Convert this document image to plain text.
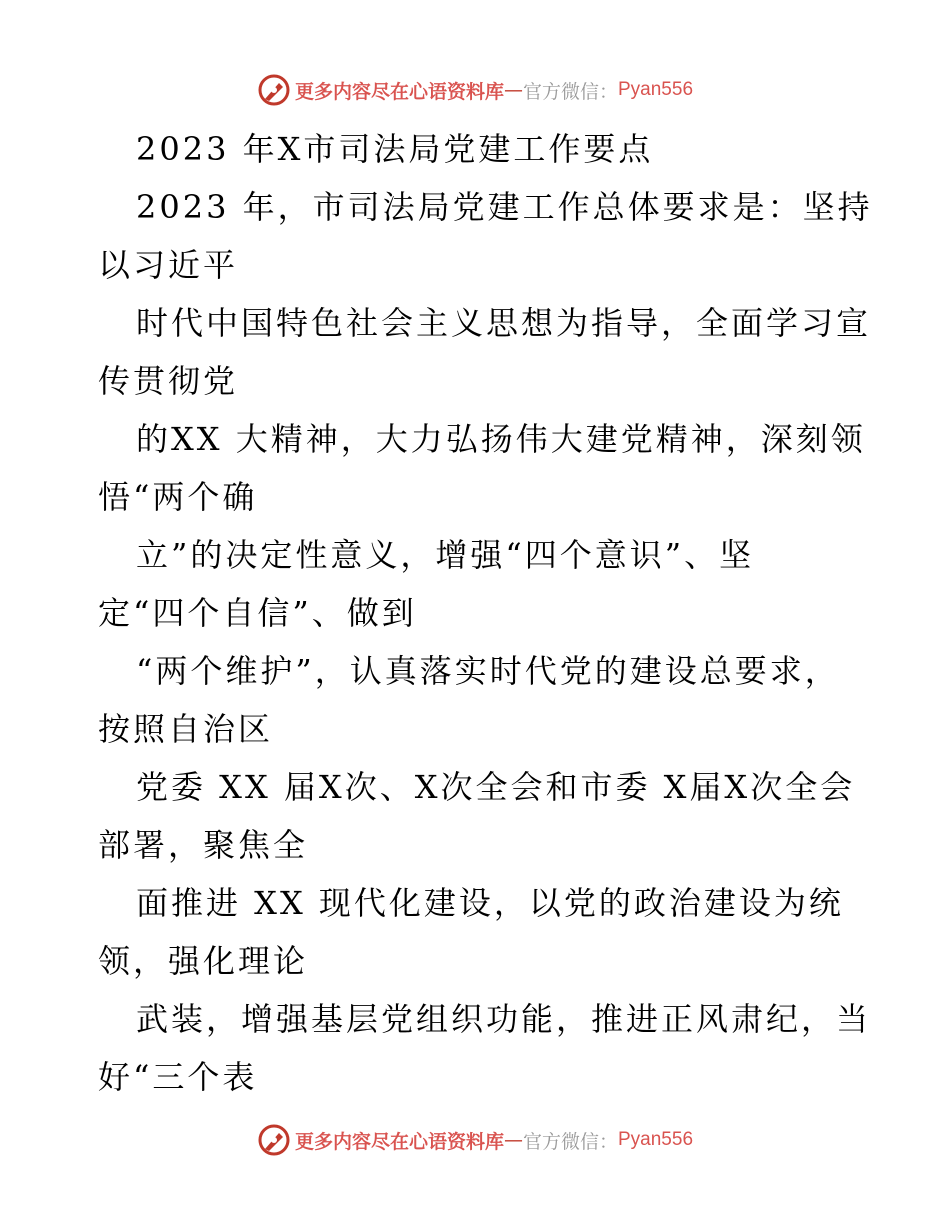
更多内容尽在心语资料库 — 官方微信： Pyan556
2023 年X市司法局党建工作要点
2023 年，市司法局党建工作总体要求是：坚持
以习近平
时代中国特色社会主义思想为指导，全面学习宣
传贯彻党
的XX 大精神，大力弘扬伟大建党精神，深刻领
悟“两个确
立”的决定性意义，增强“四个意识”、坚
定“四个自信”、做到
“两个维护”，认真落实时代党的建设总要求，
按照自治区
党委 XX 届X次、X次全会和市委 X届X次全会
部署，聚焦全
面推进 XX 现代化建设，以党的政治建设为统
领，强化理论
武装，增强基层党组织功能，推进正风肃纪，当
好“三个表
更多内容尽在心语资料库 — 官方微信： Pyan556
